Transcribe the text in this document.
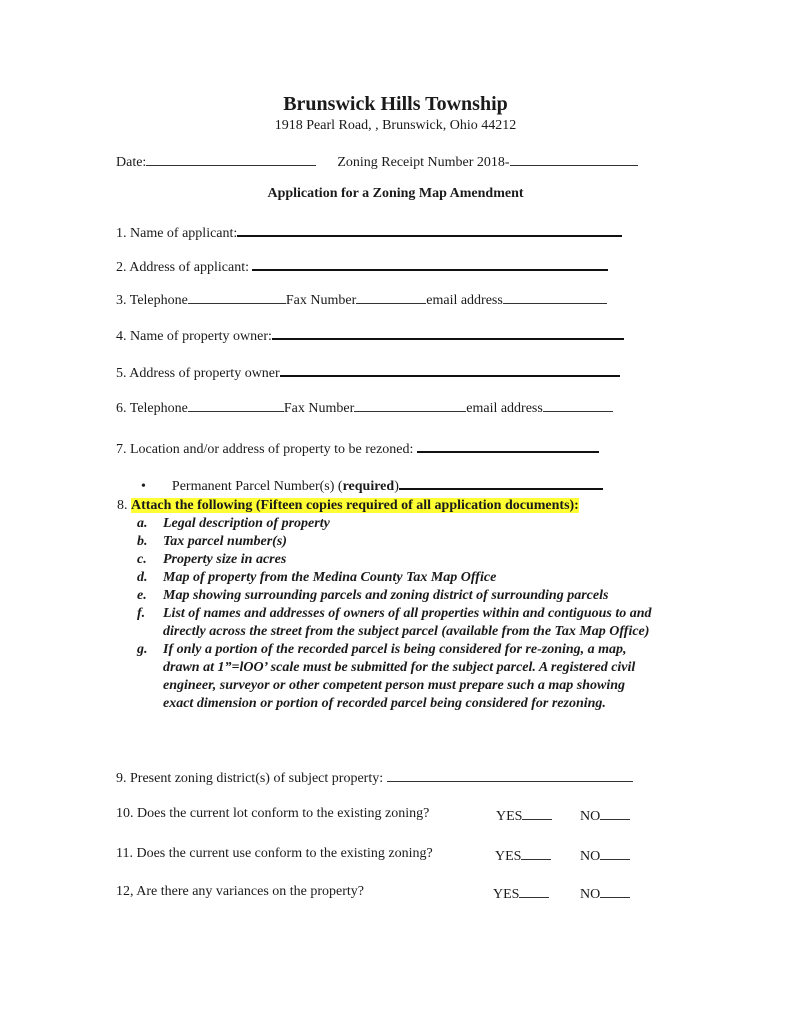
Brunswick Hills Township
1918 Pearl Road, , Brunswick, Ohio 44212
Date:	Zoning Receipt Number 2018-
Application for a Zoning Map Amendment
1. Name of applicant:
2. Address of applicant:
3. Telephone	Fax Number	email address
4. Name of property owner:
5. Address of property owner
6. Telephone	Fax Number	email address
7. Location and/or address of property to be rezoned:
• Permanent Parcel Number(s) (required)
8. Attach the following (Fifteen copies required of all application documents):
a.	Legal description of property
b.	Tax parcel number(s)
c.	Property size in acres
d.	Map of property from the Medina County Tax Map Office
e.	Map showing surrounding parcels and zoning district of surrounding parcels
f.	List of names and addresses of owners of all properties within and contiguous to and directly across the street from the subject parcel (available from the Tax Map Office)
g.	If only a portion of the recorded parcel is being considered for re-zoning, a map, drawn at 1”=lOO’ scale must be submitted for the subject parcel. A registered civil engineer, surveyor or other competent person must prepare such a map showing exact dimension or portion of recorded parcel being considered for rezoning.
9. Present zoning district(s) of subject property:
10. Does the current lot conform to the existing zoning?	YES	NO
11. Does the current use conform to the existing zoning?	YES	NO
12, Are there any variances on the property?	YES	NO
